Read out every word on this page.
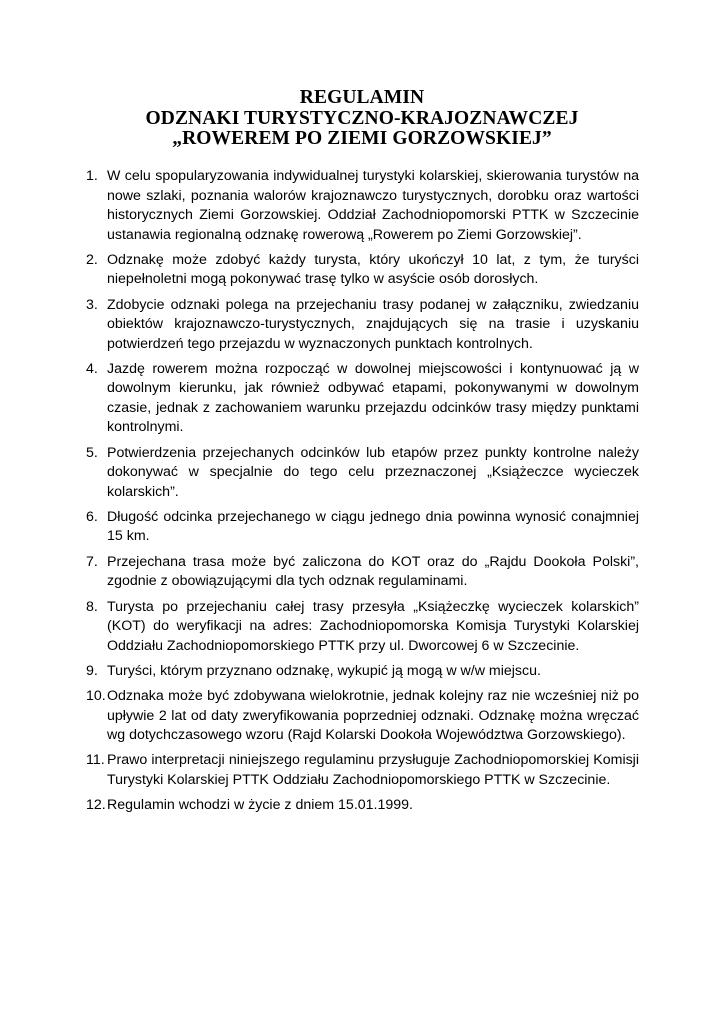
REGULAMIN
ODZNAKI TURYSTYCZNO-KRAJOZNAWCZEJ
„ROWEREM PO ZIEMI GORZOWSKIEJ”
1. W celu spopularyzowania indywidualnej turystyki kolarskiej, skierowania turystów na nowe szlaki, poznania walorów krajoznawczo turystycznych, dorobku oraz wartości historycznych Ziemi Gorzowskiej. Oddział Zachodniopomorski PTTK w Szczecinie ustanawia regionalną odznakę rowerową „Rowerem po Ziemi Gorzowskiej”.
2. Odznakę może zdobyć każdy turysta, który ukończył 10 lat, z tym, że turyści niepełnoletni mogą pokonywać trasę tylko w asyście osób dorosłych.
3. Zdobycie odznaki polega na przejechaniu trasy podanej w załączniku, zwiedzaniu obiektów krajoznawczo-turystycznych, znajdujących się na trasie i uzyskaniu potwierdzeń tego przejazdu w wyznaczonych punktach kontrolnych.
4. Jazdę rowerem można rozpocząć w dowolnej miejscowości i kontynuować ją w dowolnym kierunku, jak również odbywać etapami, pokonywanymi w dowolnym czasie, jednak z zachowaniem warunku przejazdu odcinków trasy między punktami kontrolnymi.
5. Potwierdzenia przejechanych odcinków lub etapów przez punkty kontrolne należy dokonywać w specjalnie do tego celu przeznaczonej „Książeczce wycieczek kolarskich”.
6. Długość odcinka przejechanego w ciągu jednego dnia powinna wynosić conajmniej 15 km.
7. Przejechana trasa może być zaliczona do KOT oraz do „Rajdu Dookoła Polski”, zgodnie z obowiązującymi dla tych odznak regulaminami.
8. Turysta po przejechaniu całej trasy przesyła „Książeczkę wycieczek kolarskich” (KOT) do weryfikacji na adres: Zachodniopomorska Komisja Turystyki Kolarskiej Oddziału Zachodniopomorskiego PTTK przy ul. Dworcowej 6 w Szczecinie.
9. Turyści, którym przyznano odznakę, wykupić ją mogą w w/w miejscu.
10. Odznaka może być zdobywana wielokrotnie, jednak kolejny raz nie wcześniej niż po upływie 2 lat od daty zweryfikowania poprzedniej odznaki. Odznakę można wręczać wg dotychczasowego wzoru (Rajd Kolarski Dookoła Województwa Gorzowskiego).
11. Prawo interpretacji niniejszego regulaminu przysługuje Zachodniopomorskiej Komisji Turystyki Kolarskiej PTTK Oddziału Zachodniopomorskiego PTTK w Szczecinie.
12. Regulamin wchodzi w życie z dniem 15.01.1999.
